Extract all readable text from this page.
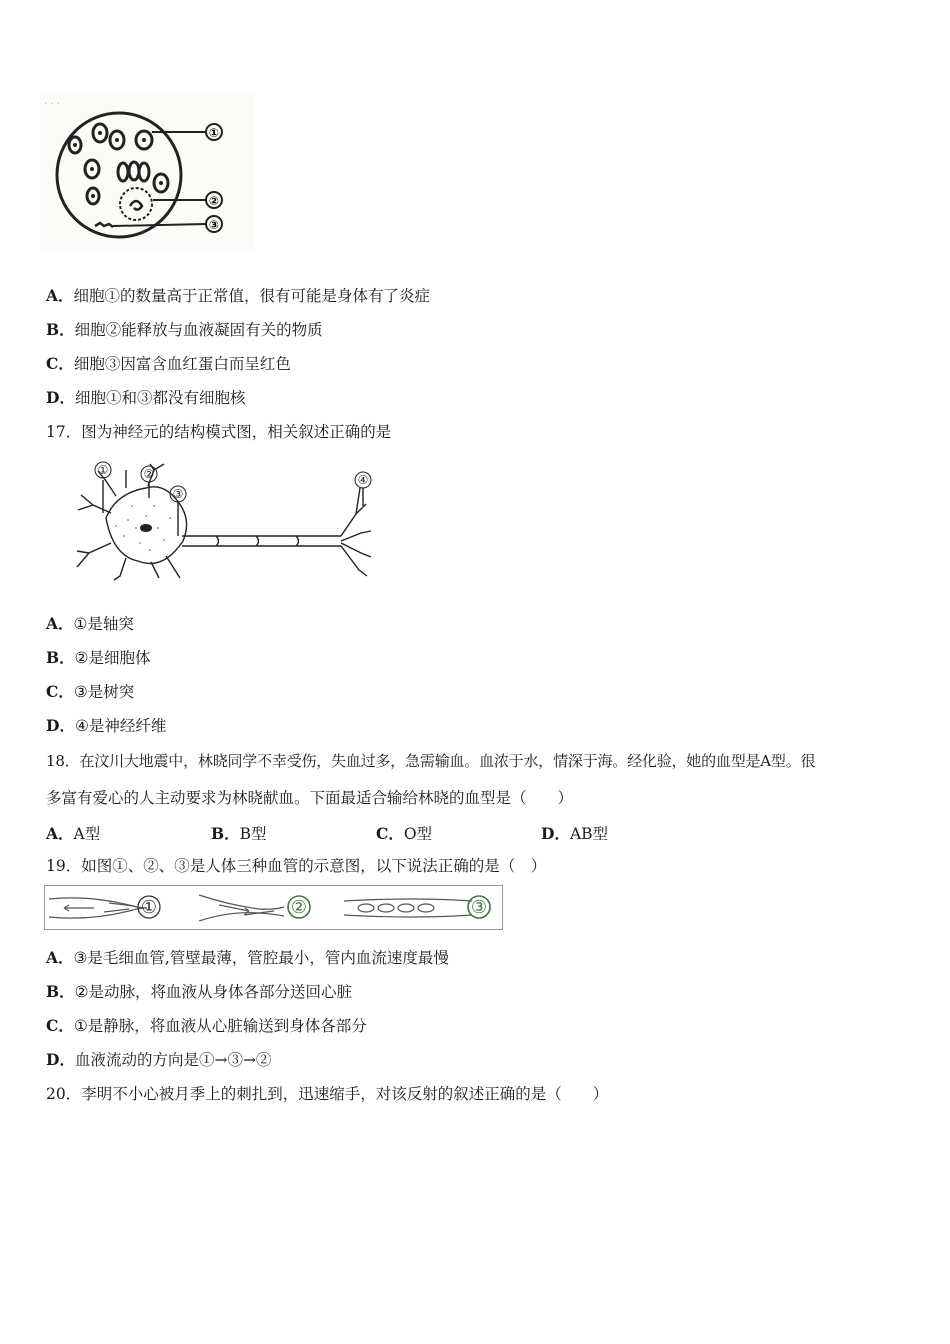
· · ·
①
②
③
A．细胞①的数量高于正常值，很有可能是身体有了炎症
B．细胞②能释放与血液凝固有关的物质
C．细胞③因富含血红蛋白而呈红色
D．细胞①和③都没有细胞核
17．图为神经元的结构模式图，相关叙述正确的是
①	②
③
④
A．①是轴突
B．②是细胞体
C．③是树突
D．④是神经纤维
18．在汶川大地震中，林晓同学不幸受伤，失血过多，急需输血。血浓于水，情深于海。经化验，她的血型是A型。很
多富有爱心的人主动要求为林晓献血。下面最适合输给林晓的血型是（　　）
A．A型	B．B型	C．O型	D．AB型
19．如图①、②、③是人体三种血管的示意图，以下说法正确的是（　）
①	②	③
A．③是毛细血管,管壁最薄，管腔最小，管内血流速度最慢
B．②是动脉，将血液从身体各部分送回心脏
C．①是静脉，将血液从心脏输送到身体各部分
D．血液流动的方向是①→③→②
20．李明不小心被月季上的刺扎到，迅速缩手，对该反射的叙述正确的是（　　）
